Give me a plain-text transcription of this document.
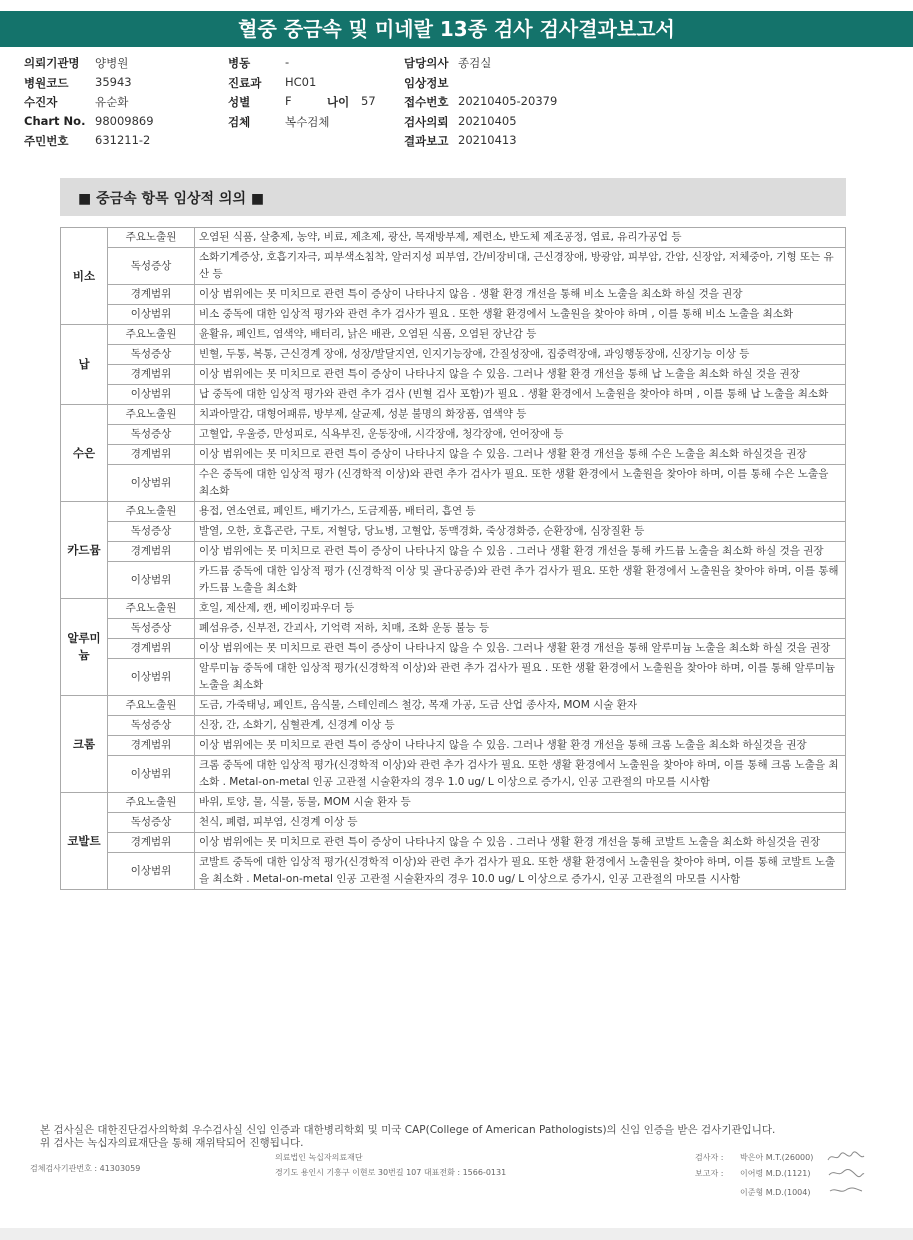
혈중 중금속 및 미네랄 13종 검사 검사결과보고서
의뢰기관명 양병원	병동	-	담당의사 종검실
병원코드 35943	진료과 HC01	임상정보
수진자	유순화	성별	F	접수번호 20210405-20379
나이 57
Chart No. 98009869	검체	복수검체	검사의뢰 20210405
주민번호 631211-2	결과보고 20210413
■ 중금속 항목 임상적 의의 ■
비소	주요노출원	오염된 식품, 살충제, 농약, 비료, 제초제, 광산, 목재방부제, 제련소, 반도체 제조공정, 염료, 유리가공업 등
	독성증상	소화기계증상, 호흡기자극, 피부색소침착, 알러지성 피부염, 간/비장비대, 근신경장애, 방광암, 피부암, 간암, 신장암, 저체중아, 기형 또는 유산 등
	경계범위	이상 범위에는 못 미치므로 관련 특이 증상이 나타나지 않음 . 생활 환경 개선을 통해 비소 노출을 최소화 하실 것을 권장
	이상범위	비소 중독에 대한 임상적 평가와 관련 추가 검사가 필요 . 또한 생활 환경에서 노출원을 찾아야 하며 , 이를 통해 비소 노출을 최소화
납	주요노출원	윤활유, 페인트, 염색약, 배터리, 낡은 배관, 오염된 식품, 오염된 장난감 등
	독성증상	빈혈, 두통, 복통, 근신경계 장애, 성장/발달지연, 인지기능장애, 간질성장애, 집중력장애, 과잉행동장애, 신장기능 이상 등
	경계범위	이상 범위에는 못 미치므로 관련 특이 증상이 나타나지 않을 수 있음. 그러나 생활 환경 개선을 통해 납 노출을 최소화 하실 것을 권장
	이상범위	납 중독에 대한 임상적 평가와 관련 추가 검사 (빈혈 검사 포함)가 필요 . 생활 환경에서 노출원을 찾아야 하며 , 이를 통해 납 노출을 최소화
수은	주요노출원	치과아말감, 대형어패류, 방부제, 살균제, 성분 불명의 화장품, 염색약 등
	독성증상	고혈압, 우울증, 만성피로, 식욕부진, 운동장애, 시각장애, 청각장애, 언어장애 등
	경계범위	이상 범위에는 못 미치므로 관련 특이 증상이 나타나지 않을 수 있음. 그러나 생활 환경 개선을 통해 수은 노출을 최소화 하실것을 권장
	이상범위	수은 중독에 대한 임상적 평가 (신경학적 이상)와 관련 추가 검사가 필요. 또한 생활 환경에서 노출원을 찾아야 하며, 이를 통해 수은 노출을 최소화
카드뮴	주요노출원	용접, 연소연료, 페인트, 배기가스, 도금제품, 배터리, 흡연 등
	독성증상	발열, 오한, 호흡곤란, 구토, 저혈당, 당뇨병, 고혈압, 동맥경화, 죽상경화증, 순환장애, 심장질환 등
	경계범위	이상 범위에는 못 미치므로 관련 특이 증상이 나타나지 않을 수 있음 . 그러나 생활 환경 개선을 통해 카드뮴 노출을 최소화 하실 것을 권장
	이상범위	카드뮴 중독에 대한 임상적 평가 (신경학적 이상 및 골다공증)와 관련 추가 검사가 필요. 또한 생활 환경에서 노출원을 찾아야 하며, 이를 통해 카드뮴 노출을 최소화
알루미늄	주요노출원	호일, 제산제, 캔, 베이킹파우더 등
	독성증상	폐섬유증, 신부전, 간괴사, 기억력 저하, 치매, 조화 운동 불능 등
	경계범위	이상 범위에는 못 미치므로 관련 특이 증상이 나타나지 않을 수 있음. 그러나 생활 환경 개선을 통해 알루미늄 노출을 최소화 하실 것을 권장
	이상범위	알루미늄 중독에 대한 임상적 평가(신경학적 이상)와 관련 추가 검사가 필요 . 또한 생활 환경에서 노출원을 찾아야 하며, 이를 통해 알루미늄 노출을 최소화
크롬	주요노출원	도금, 가죽태닝, 페인트, 음식물, 스테인레스 철강, 목재 가공, 도금 산업 종사자, MOM 시술 환자
	독성증상	신장, 간, 소화기, 심혈관계, 신경계 이상 등
	경계범위	이상 범위에는 못 미치므로 관련 특이 증상이 나타나지 않을 수 있음. 그러나 생활 환경 개선을 통해 크롬 노출을 최소화 하실것을 권장
	이상범위	크롬 중독에 대한 임상적 평가(신경학적 이상)와 관련 추가 검사가 필요. 또한 생활 환경에서 노출원을 찾아야 하며, 이를 통해 크롬 노출을 최소화 . Metal-on-metal 인공 고관절 시술환자의 경우 1.0 ug/ L 이상으로 증가시, 인공 고관절의 마모를 시사함
코발트	주요노출원	바위, 토양, 물, 식물, 동물, MOM 시술 환자 등
	독성증상	천식, 폐렴, 피부염, 신경계 이상 등
	경계범위	이상 범위에는 못 미치므로 관련 특이 증상이 나타나지 않을 수 있음 . 그러나 생활 환경 개선을 통해 코발트 노출을 최소화 하실것을 권장
	이상범위	코발트 중독에 대한 임상적 평가(신경학적 이상)와 관련 추가 검사가 필요. 또한 생활 환경에서 노출원을 찾아야 하며, 이를 통해 코발트 노출을 최소화 . Metal-on-metal 인공 고관절 시술환자의 경우 10.0 ug/ L 이상으로 증가시, 인공 고관절의 마모를 시사함
본 검사실은 대한진단검사의학회 우수검사실 신임 인증과 대한병리학회 및 미국 CAP(College of American Pathologists)의 신임 인증을 받은 검사기관입니다.
위 검사는 녹십자의료재단을 통해 재위탁되어 진행됩니다.
검체검사기관번호 : 41303059
의료법인 녹십자의료재단
경기도 용인시 기흥구 이현로 30번길 107 대표전화 : 1566-0131
검사자 : 박은아 M.T.(26000)
보고자 : 이어령 M.D.(1121)
이준형 M.D.(1004)
